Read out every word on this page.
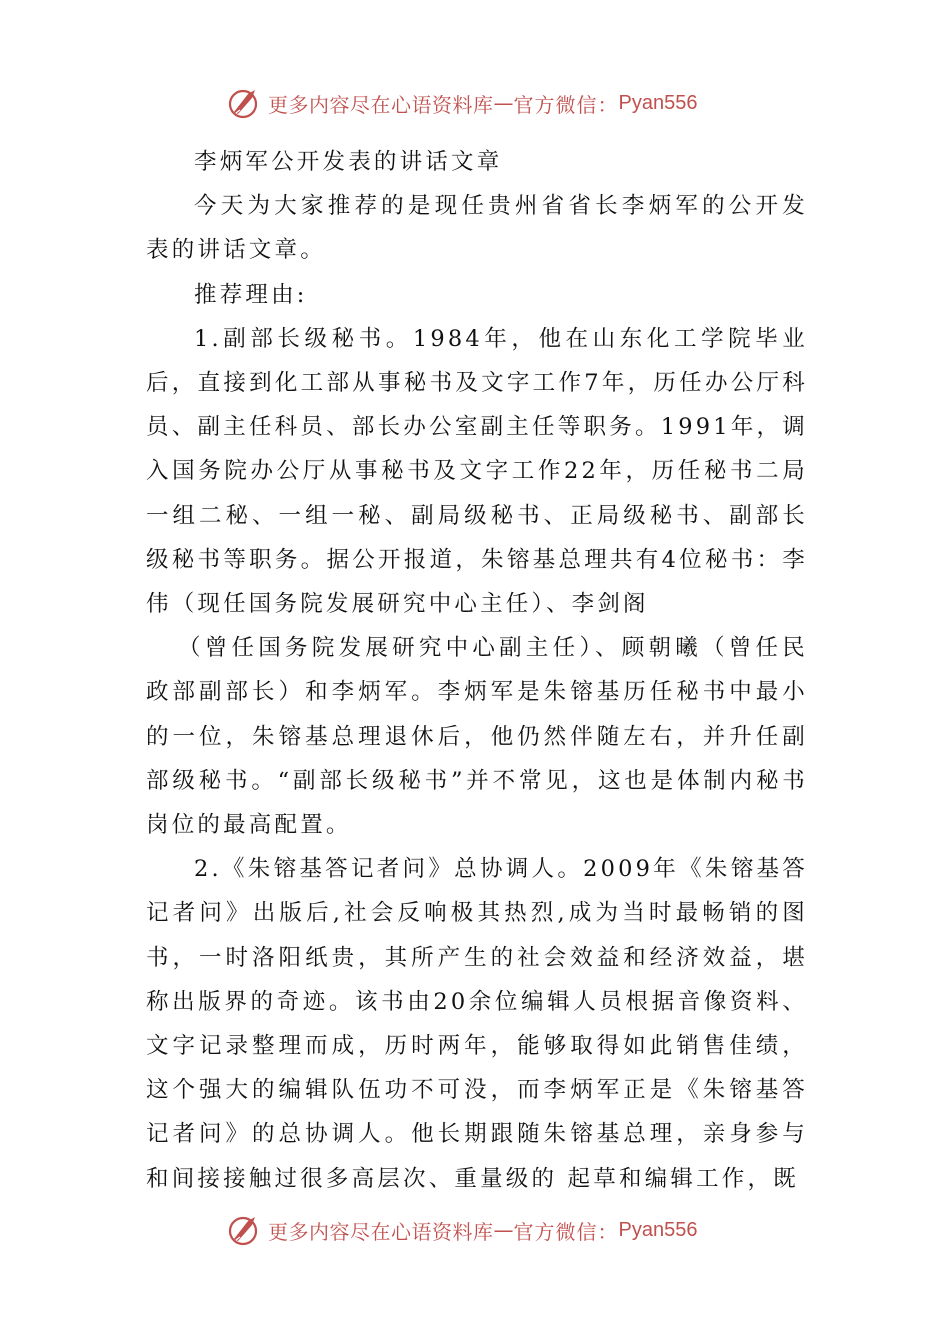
更多内容尽在心语资料库 — 官方微信： Pyan556

李炳军公开发表的讲话文章

今天为大家推荐的是现任贵州省省长李炳军的公开发表的讲话文章。

推荐理由:

1.副部长级秘书。1984年，他在山东化工学院毕业后，直接到化工部从事秘书及文字工作7年，历任办公厅科员、副主任科员、部长办公室副主任等职务。1991年，调入国务院办公厅从事秘书及文字工作22年，历任秘书二局一组二秘、一组一秘、副局级秘书、正局级秘书、副部长级秘书等职务。据公开报道，朱镕基总理共有4位秘书：李伟（现任国务院发展研究中心主任）、李剑阁

（曾任国务院发展研究中心副主任）、顾朝曦（曾任民政部副部长）和李炳军。李炳军是朱镕基历任秘书中最小的一位，朱镕基总理退休后，他仍然伴随左右，并升任副部级秘书。“副部长级秘书”并不常见，这也是体制内秘书岗位的最高配置。

2.《朱镕基答记者问》总协调人。2009年《朱镕基答记者问》出版后,社会反响极其热烈,成为当时最畅销的图书，一时洛阳纸贵，其所产生的社会效益和经济效益，堪称出版界的奇迹。该书由20余位编辑人员根据音像资料、文字记录整理而成，历时两年，能够取得如此销售佳绩，这个强大的编辑队伍功不可没，而李炳军正是《朱镕基答记者问》的总协调人。他长期跟随朱镕基总理，亲身参与和间接接触过很多高层次、重量级的 起草和编辑工作，既

更多内容尽在心语资料库 — 官方微信： Pyan556
